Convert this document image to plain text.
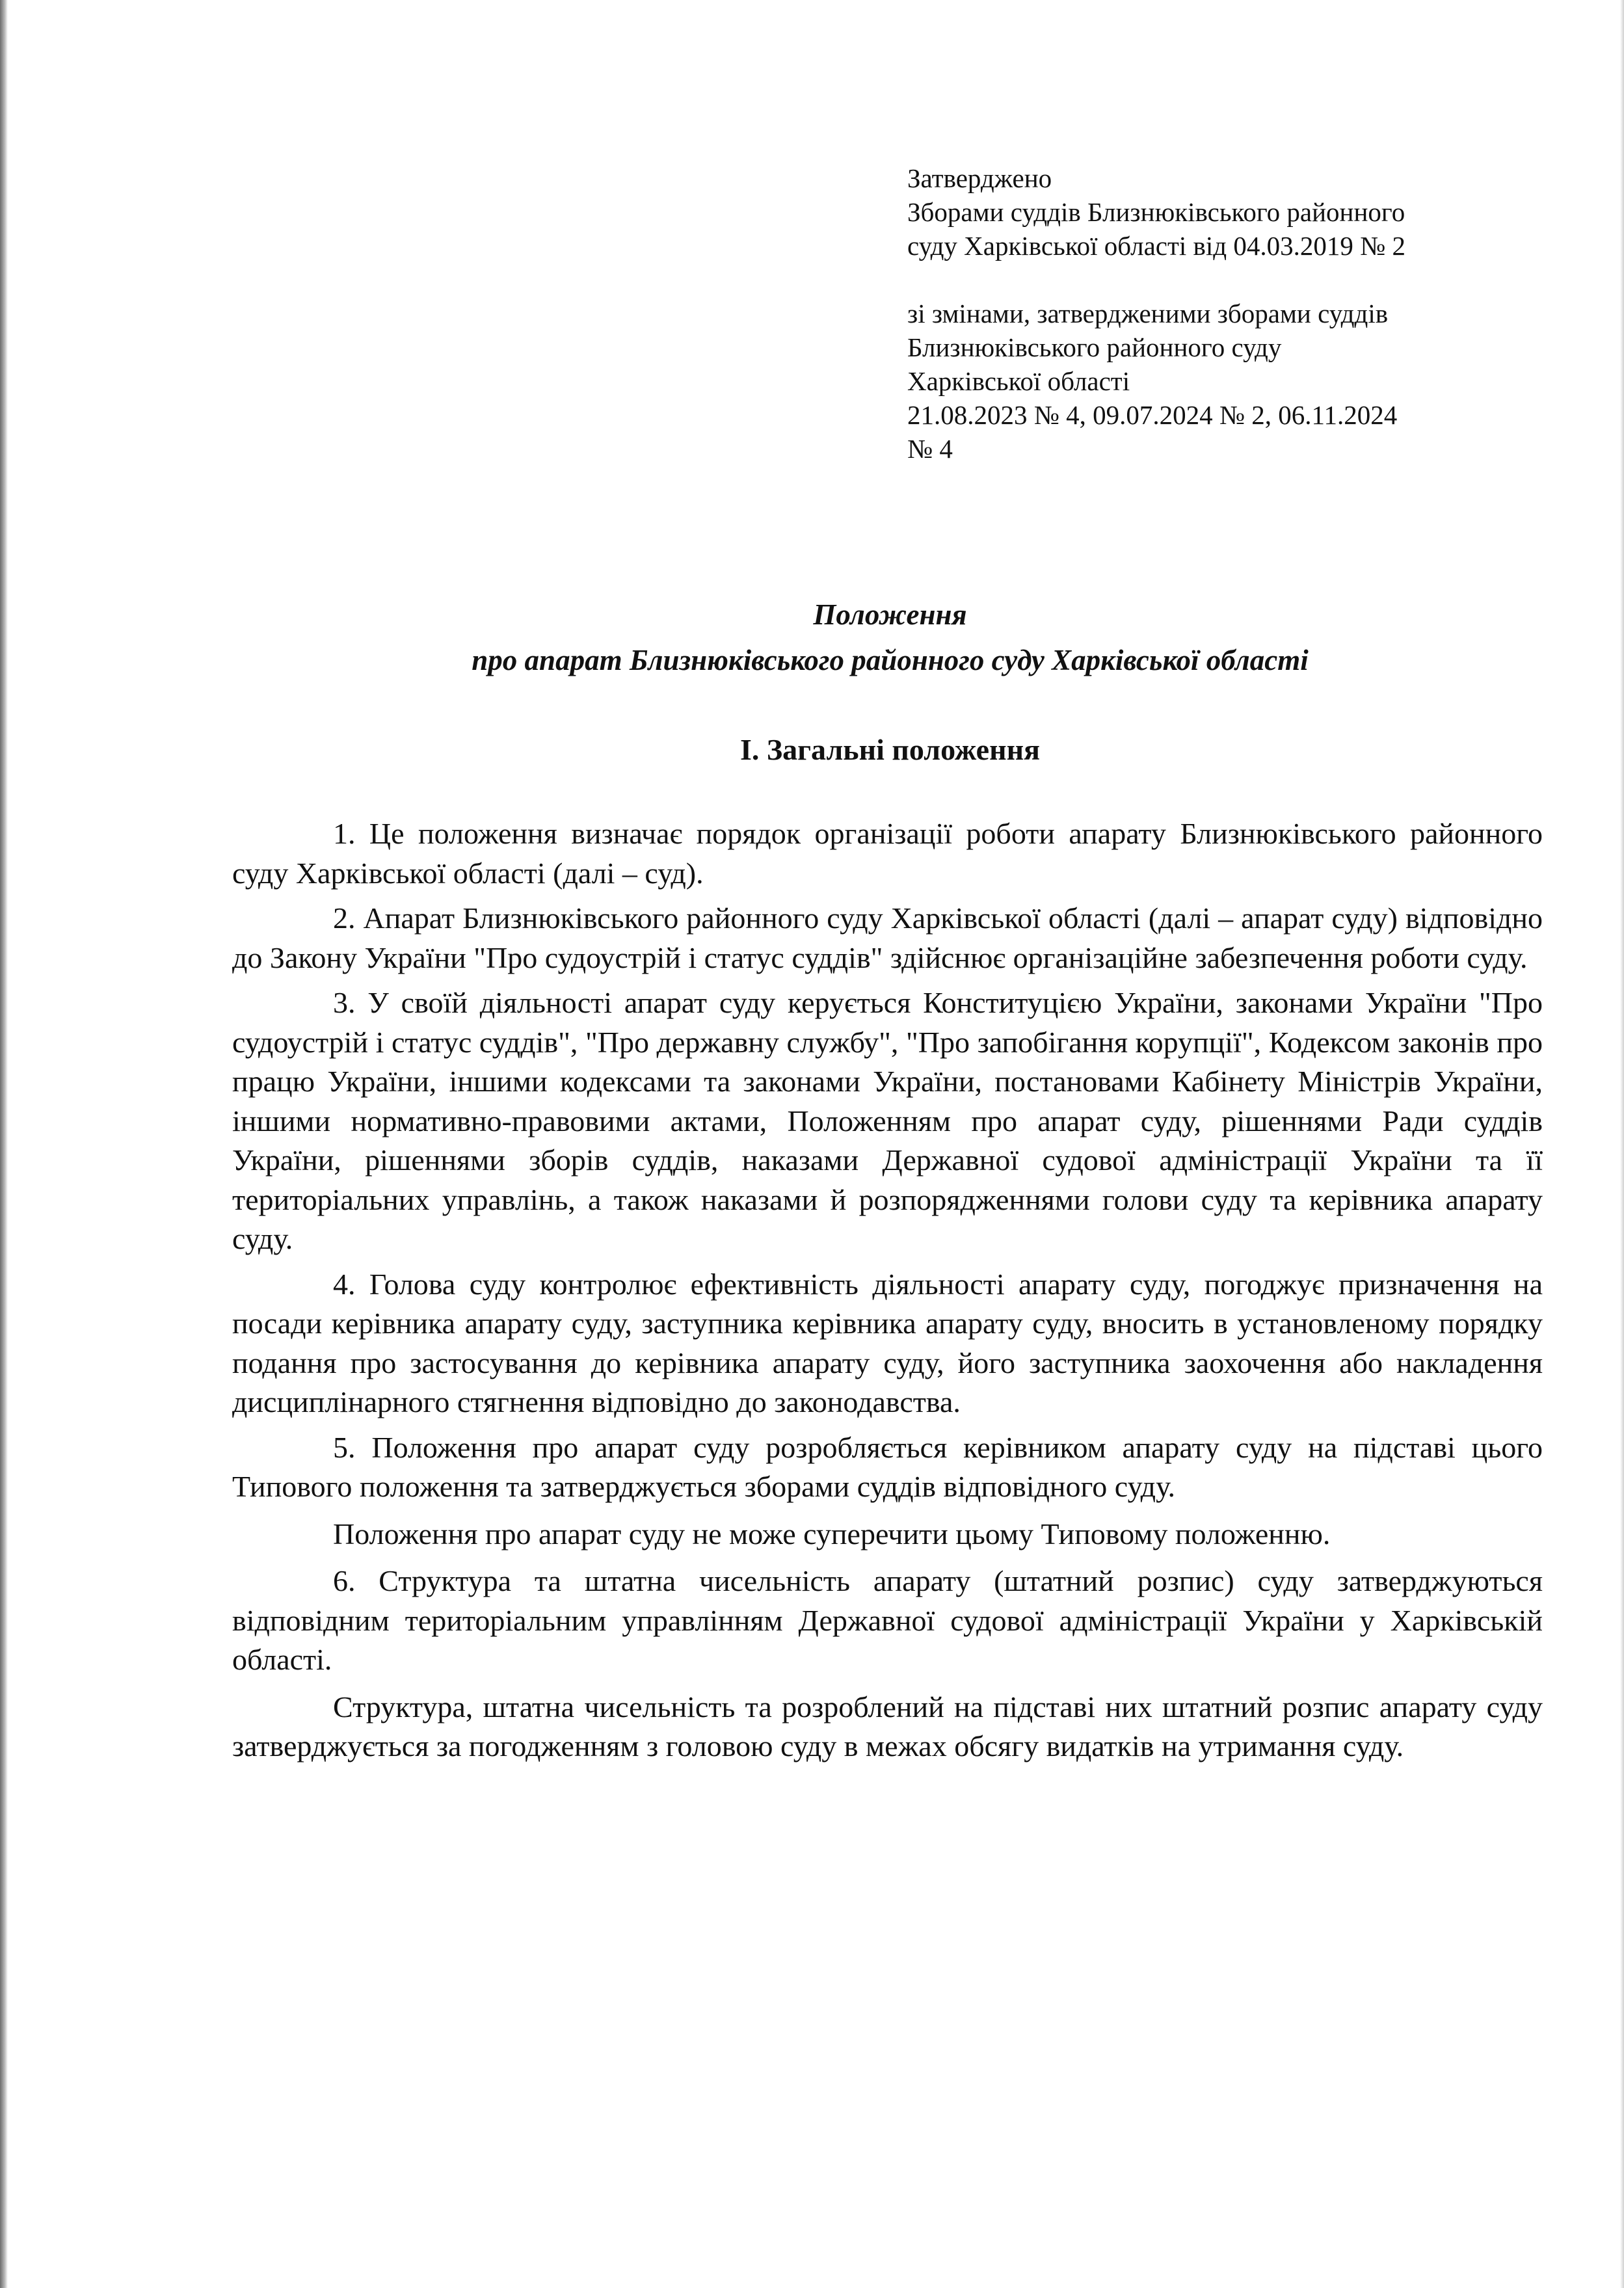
Затверджено
Зборами суддів Близнюківського районного
суду Харківської області від 04.03.2019 № 2
зі змінами, затвердженими зборами суддів
Близнюківського районного суду
Харківської області
21.08.2023 № 4, 09.07.2024 № 2, 06.11.2024
№ 4
Положення
про апарат Близнюківського районного суду Харківської області
І. Загальні положення

1. Це положення визначає порядок організації роботи апарату Близнюківського районного суду Харківської області (далі – суд).

2. Апарат Близнюківського районного суду Харківської області (далі – апарат суду) відповідно до Закону України "Про судоустрій і статус суддів" здійснює організаційне забезпечення роботи суду.

3. У своїй діяльності апарат суду керується Конституцією України, законами України "Про судоустрій і статус суддів", "Про державну службу", "Про запобігання корупції", Кодексом законів про працю України, іншими кодексами та законами України, постановами Кабінету Міністрів України, іншими нормативно-правовими актами, Положенням про апарат суду, рішеннями Ради суддів України, рішеннями зборів суддів, наказами Державної судової адміністрації України та її територіальних управлінь, а також наказами й розпорядженнями голови суду та керівника апарату суду.

4. Голова суду контролює ефективність діяльності апарату суду, погоджує призначення на посади керівника апарату суду, заступника керівника апарату суду, вносить в установленому порядку подання про застосування до керівника апарату суду, його заступника заохочення або накладення дисциплінарного стягнення відповідно до законодавства.

5. Положення про апарат суду розробляється керівником апарату суду на підставі цього Типового положення та затверджується зборами суддів відповідного суду.

Положення про апарат суду не може суперечити цьому Типовому положенню.

6. Структура та штатна чисельність апарату (штатний розпис) суду затверджуються відповідним територіальним управлінням Державної судової адміністрації України у Харківській області.

Структура, штатна чисельність та розроблений на підставі них штатний розпис апарату суду затверджується за погодженням з головою суду в межах обсягу видатків на утримання суду.
